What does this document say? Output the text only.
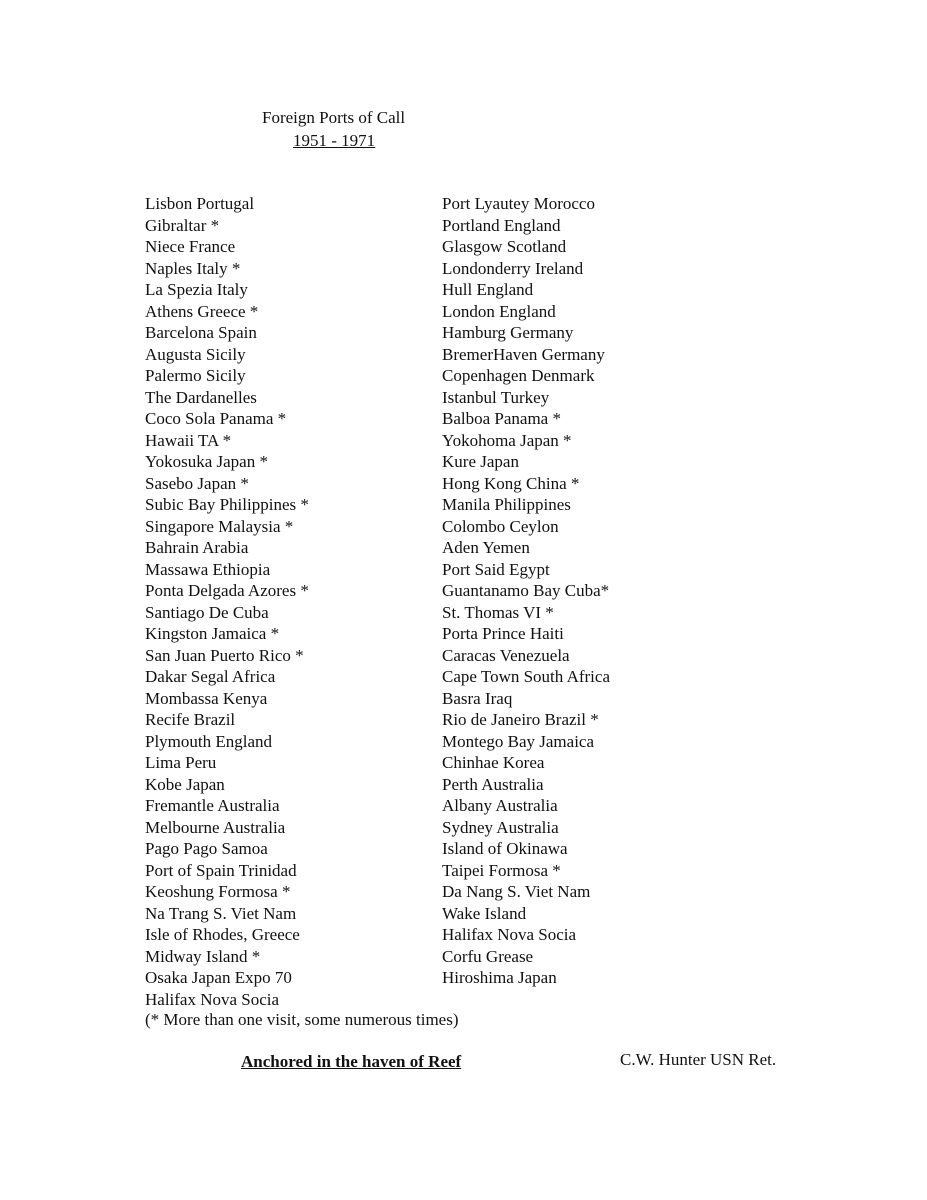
Foreign Ports of Call
1951 - 1971
Lisbon Portugal
Gibraltar *
Niece France
Naples Italy *
La Spezia Italy
Athens Greece *
Barcelona Spain
Augusta Sicily
Palermo Sicily
The Dardanelles
Coco Sola Panama *
Hawaii TA *
Yokosuka Japan *
Sasebo Japan *
Subic Bay Philippines *
Singapore Malaysia *
Bahrain Arabia
Massawa Ethiopia
Ponta Delgada Azores *
Santiago De Cuba
Kingston Jamaica *
San Juan Puerto Rico *
Dakar Segal Africa
Mombassa Kenya
Recife Brazil
Plymouth England
Lima Peru
Kobe Japan
Fremantle Australia
Melbourne Australia
Pago Pago Samoa
Port of Spain Trinidad
Keoshung Formosa *
Na Trang S. Viet Nam
Isle of Rhodes, Greece
Midway Island *
Osaka Japan Expo 70
Halifax Nova Socia
Port Lyautey Morocco
Portland England
Glasgow Scotland
Londonderry Ireland
Hull England
London England
Hamburg Germany
BremerHaven Germany
Copenhagen Denmark
Istanbul Turkey
Balboa Panama *
Yokohoma Japan *
Kure Japan
Hong Kong China *
Manila Philippines
Colombo Ceylon
Aden Yemen
Port Said Egypt
Guantanamo Bay Cuba*
St. Thomas VI *
Porta Prince Haiti
Caracas Venezuela
Cape Town South Africa
Basra Iraq
Rio de Janeiro Brazil *
Montego Bay Jamaica
Chinhae Korea
Perth Australia
Albany Australia
Sydney Australia
Island of Okinawa
Taipei Formosa *
Da Nang S. Viet Nam
Wake Island
Halifax Nova Socia
Corfu Grease
Hiroshima Japan
(* More than one visit, some numerous times)
Anchored in the haven of Reef	C.W. Hunter USN Ret.
